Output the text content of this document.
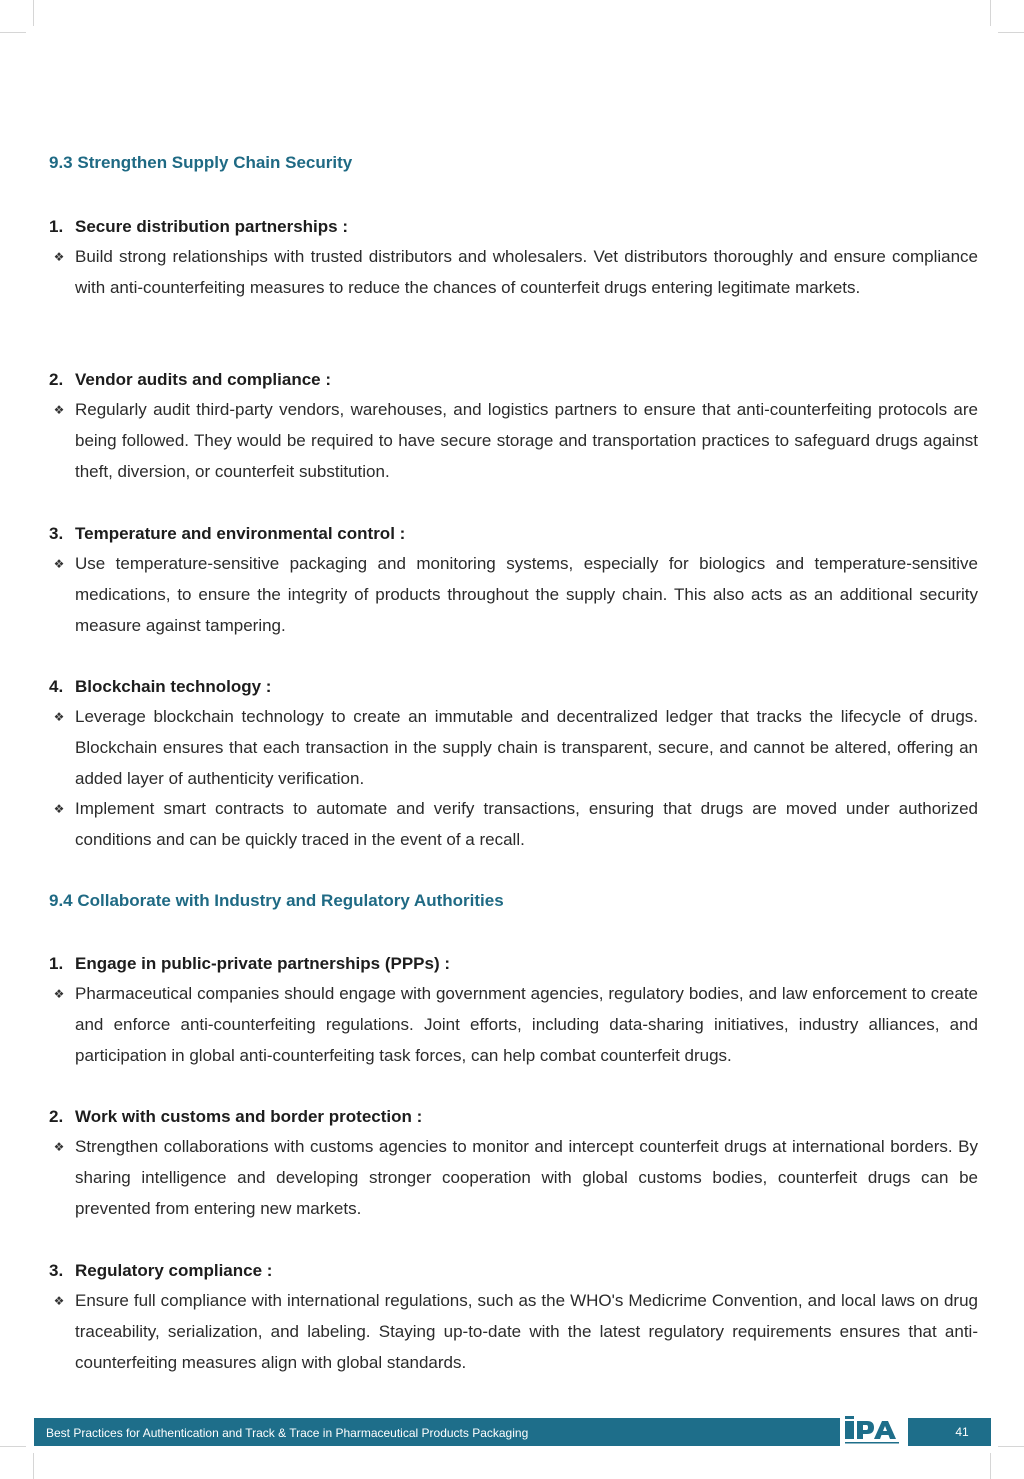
9.3 Strengthen Supply Chain Security
1. Secure distribution partnerships :
❖ Build strong relationships with trusted distributors and wholesalers. Vet distributors thoroughly and ensure compliance with anti-counterfeiting measures to reduce the chances of counterfeit drugs entering legitimate markets.

2. Vendor audits and compliance :
❖ Regularly audit third-party vendors, warehouses, and logistics partners to ensure that anti-counterfeiting protocols are being followed. They would be required to have secure storage and transportation practices to safeguard drugs against theft, diversion, or counterfeit substitution.

3. Temperature and environmental control :
❖ Use temperature-sensitive packaging and monitoring systems, especially for biologics and temperature-sensitive medications, to ensure the integrity of products throughout the supply chain. This also acts as an additional security measure against tampering.

4. Blockchain technology :
❖ Leverage blockchain technology to create an immutable and decentralized ledger that tracks the lifecycle of drugs. Blockchain ensures that each transaction in the supply chain is transparent, secure, and cannot be altered, offering an added layer of authenticity verification.

❖ Implement smart contracts to automate and verify transactions, ensuring that drugs are moved under authorized conditions and can be quickly traced in the event of a recall.

9.4 Collaborate with Industry and Regulatory Authorities
1. Engage in public-private partnerships (PPPs) :
❖ Pharmaceutical companies should engage with government agencies, regulatory bodies, and law enforcement to create and enforce anti-counterfeiting regulations. Joint efforts, including data-sharing initiatives, industry alliances, and participation in global anti-counterfeiting task forces, can help combat counterfeit drugs.

2. Work with customs and border protection :
❖ Strengthen collaborations with customs agencies to monitor and intercept counterfeit drugs at international borders. By sharing intelligence and developing stronger cooperation with global customs bodies, counterfeit drugs can be prevented from entering new markets.

3. Regulatory compliance :
❖ Ensure full compliance with international regulations, such as the WHO's Medicrime Convention, and local laws on drug traceability, serialization, and labeling. Staying up-to-date with the latest regulatory requirements ensures that anti-counterfeiting measures align with global standards.

Best Practices for Authentication and Track & Trace in Pharmaceutical Products Packaging	41
